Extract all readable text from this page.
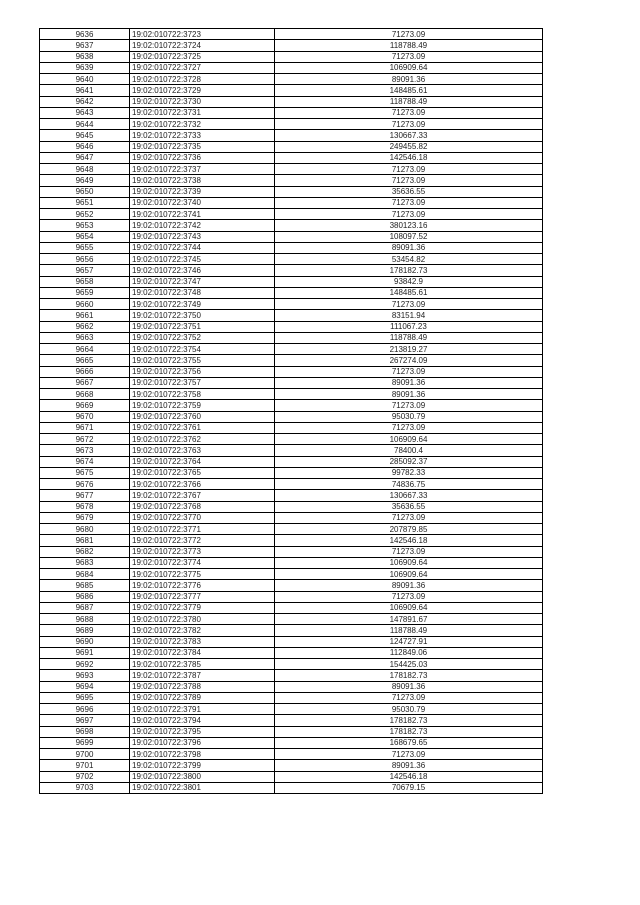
9636	19:02:010722:3723	71273.09
9637	19:02:010722:3724	118788.49
9638	19:02:010722:3725	71273.09
9639	19:02:010722:3727	106909.64
9640	19:02:010722:3728	89091.36
9641	19:02:010722:3729	148485.61
9642	19:02:010722:3730	118788.49
9643	19:02:010722:3731	71273.09
9644	19:02:010722:3732	71273.09
9645	19:02:010722:3733	130667.33
9646	19:02:010722:3735	249455.82
9647	19:02:010722:3736	142546.18
9648	19:02:010722:3737	71273.09
9649	19:02:010722:3738	71273.09
9650	19:02:010722:3739	35636.55
9651	19:02:010722:3740	71273.09
9652	19:02:010722:3741	71273.09
9653	19:02:010722:3742	380123.16
9654	19:02:010722:3743	108097.52
9655	19:02:010722:3744	89091.36
9656	19:02:010722:3745	53454.82
9657	19:02:010722:3746	178182.73
9658	19:02:010722:3747	93842.9
9659	19:02:010722:3748	148485.61
9660	19:02:010722:3749	71273.09
9661	19:02:010722:3750	83151.94
9662	19:02:010722:3751	111067.23
9663	19:02:010722:3752	118788.49
9664	19:02:010722:3754	213819.27
9665	19:02:010722:3755	267274.09
9666	19:02:010722:3756	71273.09
9667	19:02:010722:3757	89091.36
9668	19:02:010722:3758	89091.36
9669	19:02:010722:3759	71273.09
9670	19:02:010722:3760	95030.79
9671	19:02:010722:3761	71273.09
9672	19:02:010722:3762	106909.64
9673	19:02:010722:3763	78400.4
9674	19:02:010722:3764	285092.37
9675	19:02:010722:3765	99782.33
9676	19:02:010722:3766	74836.75
9677	19:02:010722:3767	130667.33
9678	19:02:010722:3768	35636.55
9679	19:02:010722:3770	71273.09
9680	19:02:010722:3771	207879.85
9681	19:02:010722:3772	142546.18
9682	19:02:010722:3773	71273.09
9683	19:02:010722:3774	106909.64
9684	19:02:010722:3775	106909.64
9685	19:02:010722:3776	89091.36
9686	19:02:010722:3777	71273.09
9687	19:02:010722:3779	106909.64
9688	19:02:010722:3780	147891.67
9689	19:02:010722:3782	118788.49
9690	19:02:010722:3783	124727.91
9691	19:02:010722:3784	112849.06
9692	19:02:010722:3785	154425.03
9693	19:02:010722:3787	178182.73
9694	19:02:010722:3788	89091.36
9695	19:02:010722:3789	71273.09
9696	19:02:010722:3791	95030.79
9697	19:02:010722:3794	178182.73
9698	19:02:010722:3795	178182.73
9699	19:02:010722:3796	168679.65
9700	19:02:010722:3798	71273.09
9701	19:02:010722:3799	89091.36
9702	19:02:010722:3800	142546.18
9703	19:02:010722:3801	70679.15
